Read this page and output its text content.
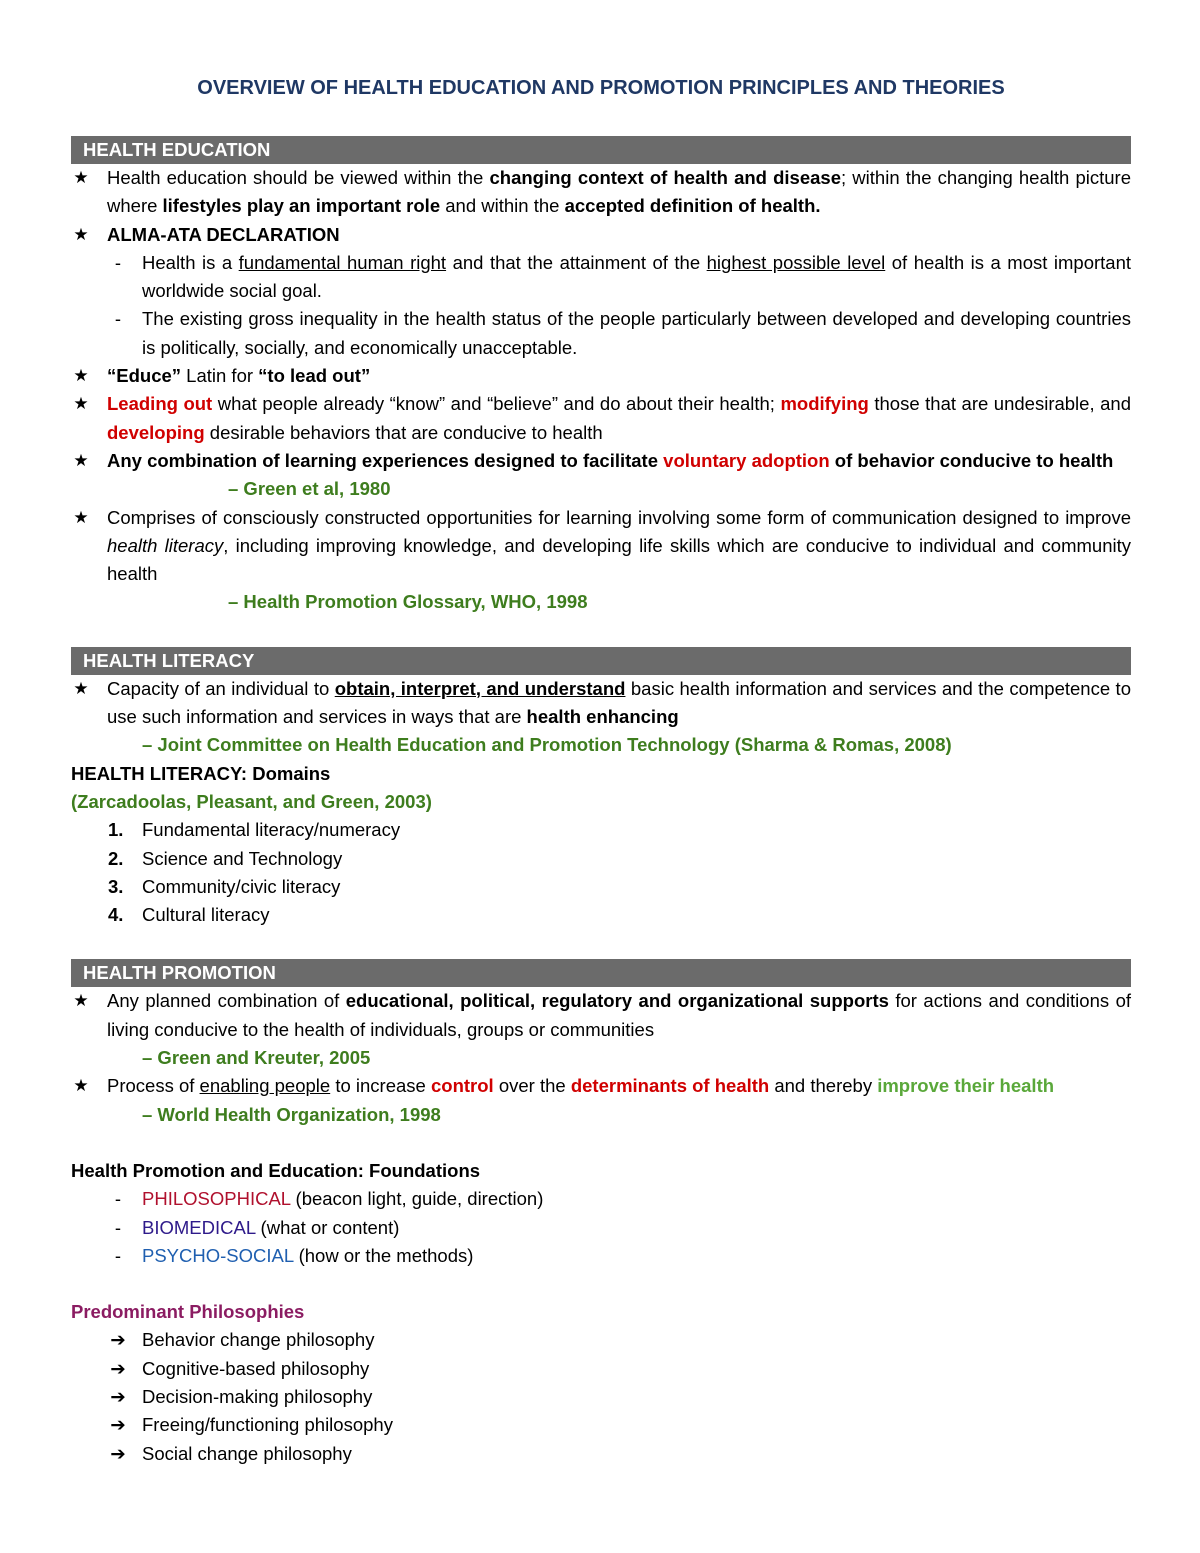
OVERVIEW OF HEALTH EDUCATION AND PROMOTION PRINCIPLES AND THEORIES
HEALTH EDUCATION
★ Health education should be viewed within the changing context of health and disease; within the changing health picture where lifestyles play an important role and within the accepted definition of health.
★ ALMA-ATA DECLARATION
-	Health is a fundamental human right and that the attainment of the highest possible level of health is a most important worldwide social goal.
-	The existing gross inequality in the health status of the people particularly between developed and developing countries is politically, socially, and economically unacceptable.
★ “Educe” Latin for “to lead out”
★ Leading out what people already “know” and “believe” and do about their health; modifying those that are undesirable, and developing desirable behaviors that are conducive to health
★ Any combination of learning experiences designed to facilitate voluntary adoption of behavior conducive to health
– Green et al, 1980
★ Comprises of consciously constructed opportunities for learning involving some form of communication designed to improve health literacy, including improving knowledge, and developing life skills which are conducive to individual and community health
– Health Promotion Glossary, WHO, 1998
HEALTH LITERACY
★ Capacity of an individual to obtain, interpret, and understand basic health information and services and the competence to use such information and services in ways that are health enhancing
– Joint Committee on Health Education and Promotion Technology (Sharma & Romas, 2008)
HEALTH LITERACY: Domains
(Zarcadoolas, Pleasant, and Green, 2003)
1.	Fundamental literacy/numeracy
2.	Science and Technology
3.	Community/civic literacy
4.	Cultural literacy
HEALTH PROMOTION
★ Any planned combination of educational, political, regulatory and organizational supports for actions and conditions of living conducive to the health of individuals, groups or communities
– Green and Kreuter, 2005
★ Process of enabling people to increase control over the determinants of health and thereby improve their health
– World Health Organization, 1998
Health Promotion and Education: Foundations
-	PHILOSOPHICAL (beacon light, guide, direction)
-	BIOMEDICAL (what or content)
-	PSYCHO-SOCIAL (how or the methods)
Predominant Philosophies
➔ Behavior change philosophy
➔ Cognitive-based philosophy
➔ Decision-making philosophy
➔ Freeing/functioning philosophy
➔ Social change philosophy
